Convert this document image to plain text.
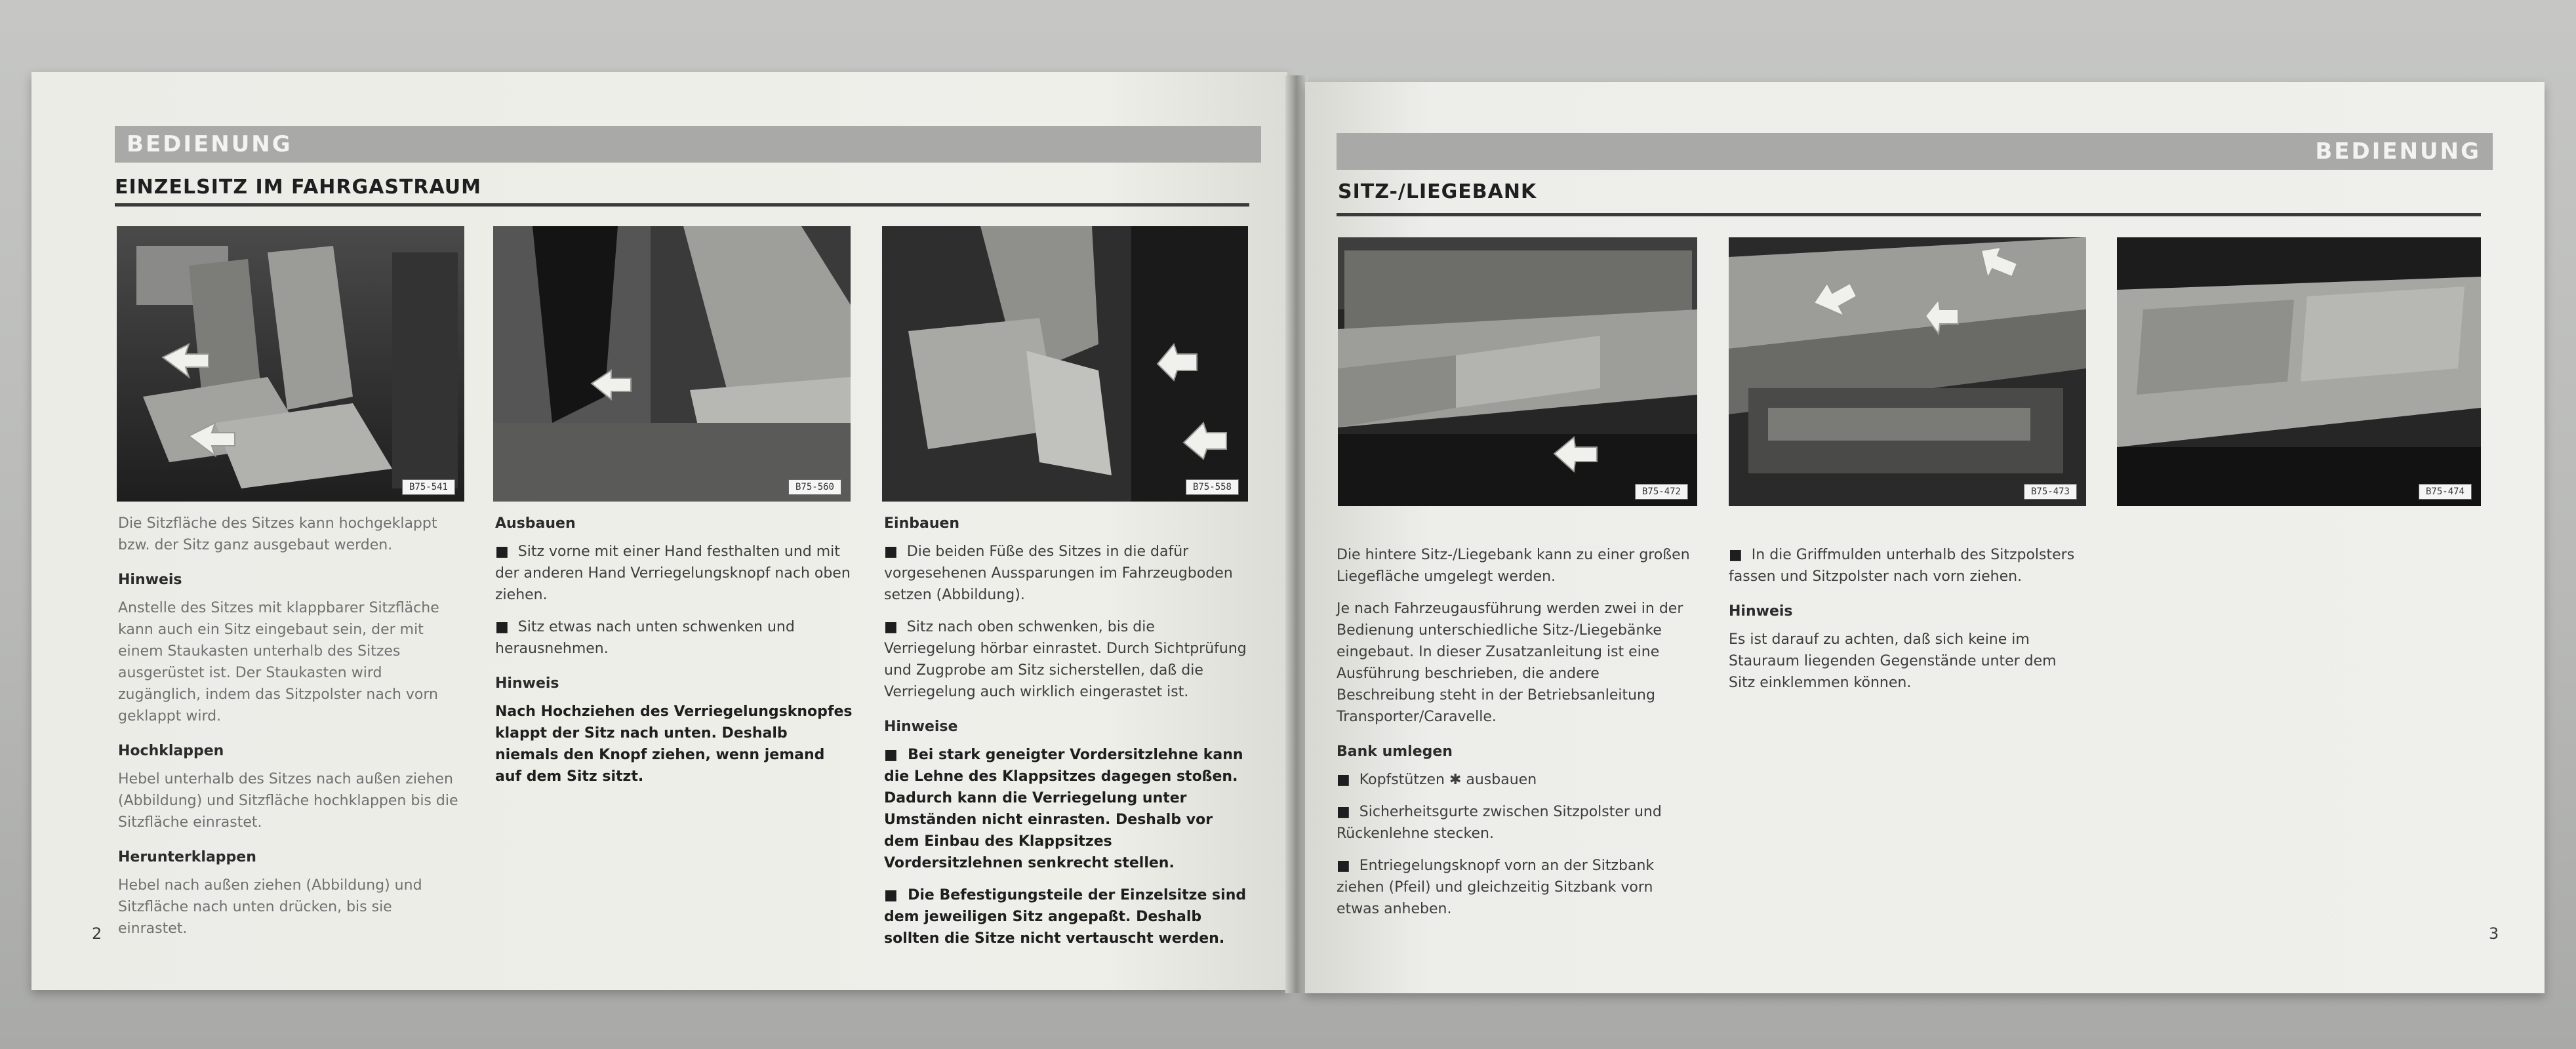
BEDIENUNG
EINZELSITZ IM FAHRGASTRAUM
B75-541	B75-560	B75-558

Die Sitzfläche des Sitzes kann hochgeklappt bzw. der Sitz ganz ausgebaut werden.

Hinweis

Anstelle des Sitzes mit klappbarer Sitzfläche kann auch ein Sitz eingebaut sein, der mit einem Staukasten unterhalb des Sitzes ausgerüstet ist. Der Staukasten wird zugänglich, indem das Sitzpolster nach vorn geklappt wird.

Hochklappen

Hebel unterhalb des Sitzes nach außen ziehen (Abbildung) und Sitzfläche hochklappen bis die Sitzfläche einrastet.

Herunterklappen

Hebel nach außen ziehen (Abbildung) und Sitzfläche nach unten drücken, bis sie einrastet.

Ausbauen

■  Sitz vorne mit einer Hand festhalten und mit der anderen Hand Verriegelungsknopf nach oben ziehen.

■  Sitz etwas nach unten schwenken und herausnehmen.

Hinweis

Nach Hochziehen des Verriegelungsknopfes klappt der Sitz nach unten. Deshalb niemals den Knopf ziehen, wenn jemand auf dem Sitz sitzt.

Einbauen

■  Die beiden Füße des Sitzes in die dafür vorgesehenen Aussparungen im Fahrzeugboden setzen (Abbildung).

■  Sitz nach oben schwenken, bis die Verriegelung hörbar einrastet. Durch Sichtprüfung und Zugprobe am Sitz sicherstellen, daß die Verriegelung auch wirklich eingerastet ist.

Hinweise

■  Bei stark geneigter Vordersitzlehne kann die Lehne des Klappsitzes dagegen stoßen. Dadurch kann die Verriegelung unter Umständen nicht einrasten. Deshalb vor dem Einbau des Klappsitzes Vordersitzlehnen senkrecht stellen.

■  Die Befestigungsteile der Einzelsitze sind dem jeweiligen Sitz angepaßt. Deshalb sollten die Sitze nicht vertauscht werden.

2
BEDIENUNG
SITZ-/LIEGEBANK
B75-472	B75-473	B75-474

Die hintere Sitz-/Liegebank kann zu einer großen Liegefläche umgelegt werden.

Je nach Fahrzeugausführung werden zwei in der Bedienung unterschiedliche Sitz-/Liegebänke eingebaut. In dieser Zusatzanleitung ist eine Ausführung beschrieben, die andere Beschreibung steht in der Betriebsanleitung Transporter/Caravelle.

Bank umlegen

■  Kopfstützen ✱ ausbauen

■  Sicherheitsgurte zwischen Sitzpolster und Rückenlehne stecken.

■  Entriegelungsknopf vorn an der Sitzbank ziehen (Pfeil) und gleichzeitig Sitzbank vorn etwas anheben.

■  In die Griffmulden unterhalb des Sitzpolsters fassen und Sitzpolster nach vorn ziehen.

Hinweis

Es ist darauf zu achten, daß sich keine im Stauraum liegenden Gegenstände unter dem Sitz einklemmen können.

3
